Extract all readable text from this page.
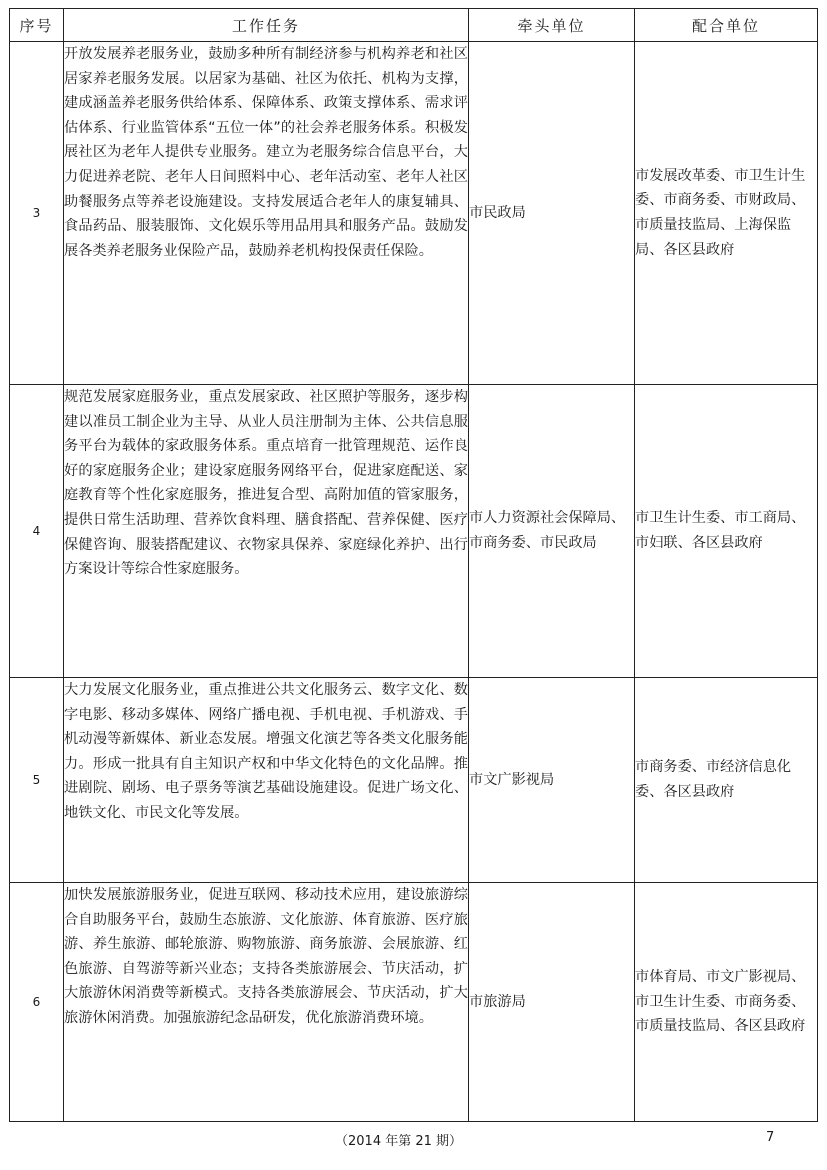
序号	工作任务	牵头单位	配合单位
3	开放发展养老服务业，鼓励多种所有制经济参与机构养老和社区居家养老服务发展。以居家为基础、社区为依托、机构为支撑，建成涵盖养老服务供给体系、保障体系、政策支撑体系、需求评估体系、行业监管体系“五位一体”的社会养老服务体系。积极发展社区为老年人提供专业服务。建立为老服务综合信息平台，大力促进养老院、老年人日间照料中心、老年活动室、老年人社区助餐服务点等养老设施建设。支持发展适合老年人的康复辅具、食品药品、服装服饰、文化娱乐等用品用具和服务产品。鼓励发展各类养老服务业保险产品，鼓励养老机构投保责任保险。	市民政局	市发展改革委、市卫生计生委、市商务委、市财政局、市质量技监局、上海保监局、各区县政府
4	规范发展家庭服务业，重点发展家政、社区照护等服务，逐步构建以准员工制企业为主导、从业人员注册制为主体、公共信息服务平台为载体的家政服务体系。重点培育一批管理规范、运作良好的家庭服务企业；建设家庭服务网络平台，促进家庭配送、家庭教育等个性化家庭服务，推进复合型、高附加值的管家服务，提供日常生活助理、营养饮食料理、膳食搭配、营养保健、医疗保健咨询、服装搭配建议、衣物家具保养、家庭绿化养护、出行方案设计等综合性家庭服务。	市人力资源社会保障局、市商务委、市民政局	市卫生计生委、市工商局、市妇联、各区县政府
5	大力发展文化服务业，重点推进公共文化服务云、数字文化、数字电影、移动多媒体、网络广播电视、手机电视、手机游戏、手机动漫等新媒体、新业态发展。增强文化演艺等各类文化服务能力。形成一批具有自主知识产权和中华文化特色的文化品牌。推进剧院、剧场、电子票务等演艺基础设施建设。促进广场文化、地铁文化、市民文化等发展。	市文广影视局	市商务委、市经济信息化委、各区县政府
6	加快发展旅游服务业，促进互联网、移动技术应用，建设旅游综合自助服务平台，鼓励生态旅游、文化旅游、体育旅游、医疗旅游、养生旅游、邮轮旅游、购物旅游、商务旅游、会展旅游、红色旅游、自驾游等新兴业态；支持各类旅游展会、节庆活动，扩大旅游休闲消费等新模式。支持各类旅游展会、节庆活动，扩大旅游休闲消费。加强旅游纪念品研发，优化旅游消费环境。	市旅游局	市体育局、市文广影视局、市卫生计生委、市商务委、市质量技监局、各区县政府
（2014 年第 21 期）	7
